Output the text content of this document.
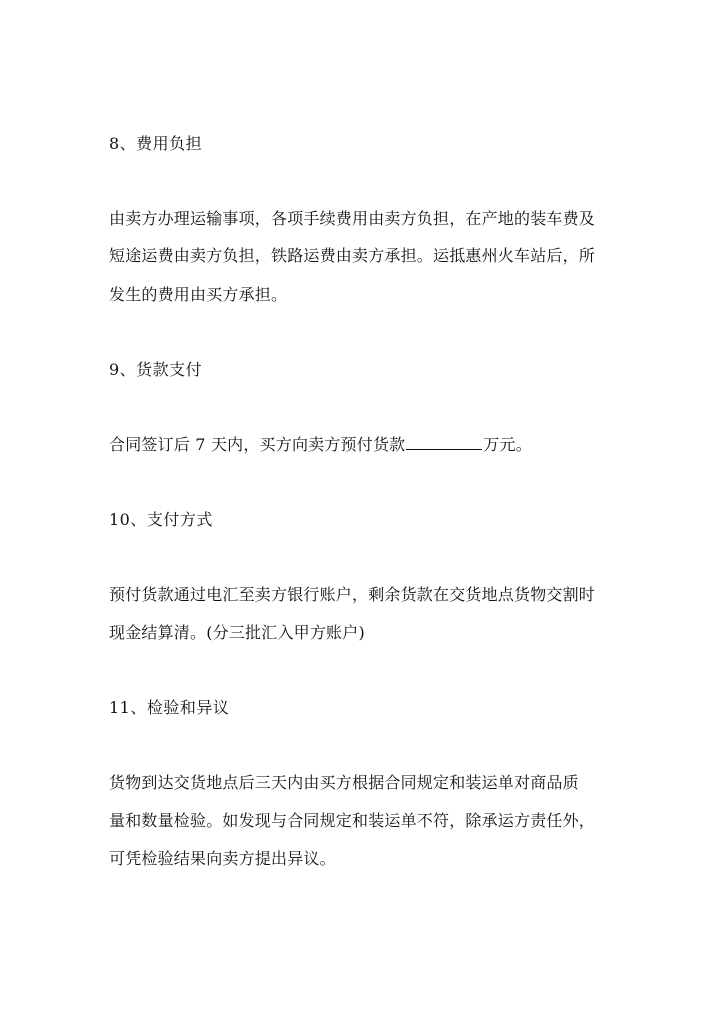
8、费用负担
由卖方办理运输事项，各项手续费用由卖方负担，在产地的装车费及
短途运费由卖方负担，铁路运费由卖方承担。运抵惠州火车站后，所
发生的费用由买方承担。
9、货款支付
合同签订后 7 天内，买方向卖方预付货款	万元。
10、支付方式
预付货款通过电汇至卖方银行账户，剩余货款在交货地点货物交割时
现金结算清。(分三批汇入甲方账户)
11、检验和异议
货物到达交货地点后三天内由买方根据合同规定和装运单对商品质
量和数量检验。如发现与合同规定和装运单不符，除承运方责任外，
可凭检验结果向卖方提出异议。
